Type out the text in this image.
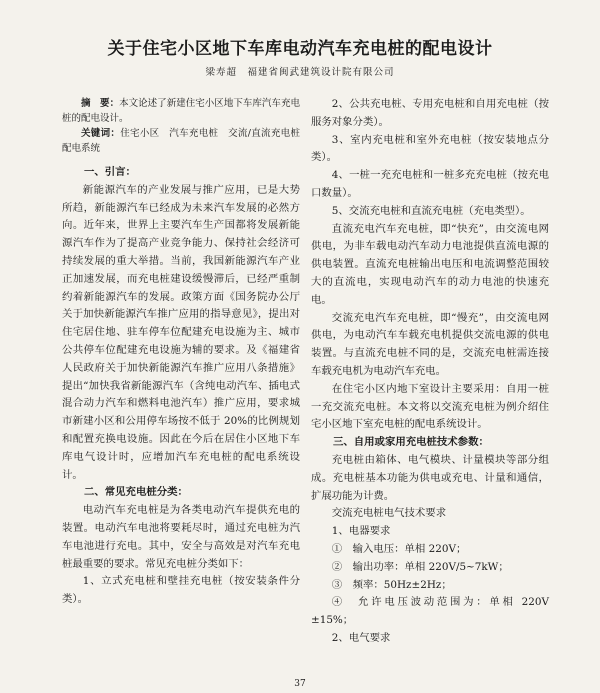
关于住宅小区地下车库电动汽车充电桩的配电设计

梁寿超　福建省闽武建筑设计院有限公司

摘　要：本文论述了新建住宅小区地下车库汽车充电桩的配电设计。

关键词：住宅小区　汽车充电桩　交流/直流充电桩　配电系统

一、引言：

新能源汽车的产业发展与推广应用，已是大势所趋，新能源汽车已经成为未来汽车发展的必然方向。近年来，世界上主要汽车生产国都将发展新能源汽车作为了提高产业竞争能力、保持社会经济可持续发展的重大举措。当前，我国新能源汽车产业正加速发展，而充电桩建设缓慢滞后，已经严重制约着新能源汽车的发展。政策方面《国务院办公厅关于加快新能源汽车推广应用的指导意见》，提出对住宅居住地、驻车停车位配建充电设施为主、城市公共停车位配建充电设施为辅的要求。及《福建省人民政府关于加快新能源汽车推广应用八条措施》提出“加快我省新能源汽车（含纯电动汽车、插电式混合动力汽车和燃料电池汽车）推广应用，要求城市新建小区和公用停车场按不低于 20%的比例规划和配置充换电设施。因此在今后在居住小区地下车库电气设计时，应增加汽车充电桩的配电系统设计。

二、常见充电桩分类：

电动汽车充电桩是为各类电动汽车提供充电的装置。电动汽车电池将要耗尽时，通过充电桩为汽车电池进行充电。其中，安全与高效是对汽车充电桩最重要的要求。常见充电桩分类如下：

1、立式充电桩和壁挂充电桩（按安装条件分类）。

2、公共充电桩、专用充电桩和自用充电桩（按服务对象分类）。

3、室内充电桩和室外充电桩（按安装地点分类）。

4、一桩一充充电桩和一桩多充充电桩（按充电口数量）。

5、交流充电桩和直流充电桩（充电类型）。

直流充电汽车充电桩，即“快充”，由交流电网供电，为非车载电动汽车动力电池提供直流电源的供电装置。直流充电桩输出电压和电流调整范围较大的直流电，实现电动汽车的动力电池的快速充电。

交流充电汽车充电桩，即“慢充”，由交流电网供电，为电动汽车车载充电机提供交流电源的供电装置。与直流充电桩不同的是，交流充电桩需连接车载充电机为电动汽车充电。

在住宅小区内地下室设计主要采用：自用一桩一充交流充电桩。本文将以交流充电桩为例介绍住宅小区地下室充电桩的配电系统设计。

三、自用或家用充电桩技术参数：

充电桩由箱体、电气模块、计量模块等部分组成。充电桩基本功能为供电或充电、计量和通信，扩展功能为计费。

交流充电桩电气技术要求

1、电器要求

①　输入电压：单相 220V；

②　输出功率：单相 220V/5~7kW；

③　频率：50Hz±2Hz；

④　允许电压波动范围为：单相 220V ±15%；

2、电气要求

37
